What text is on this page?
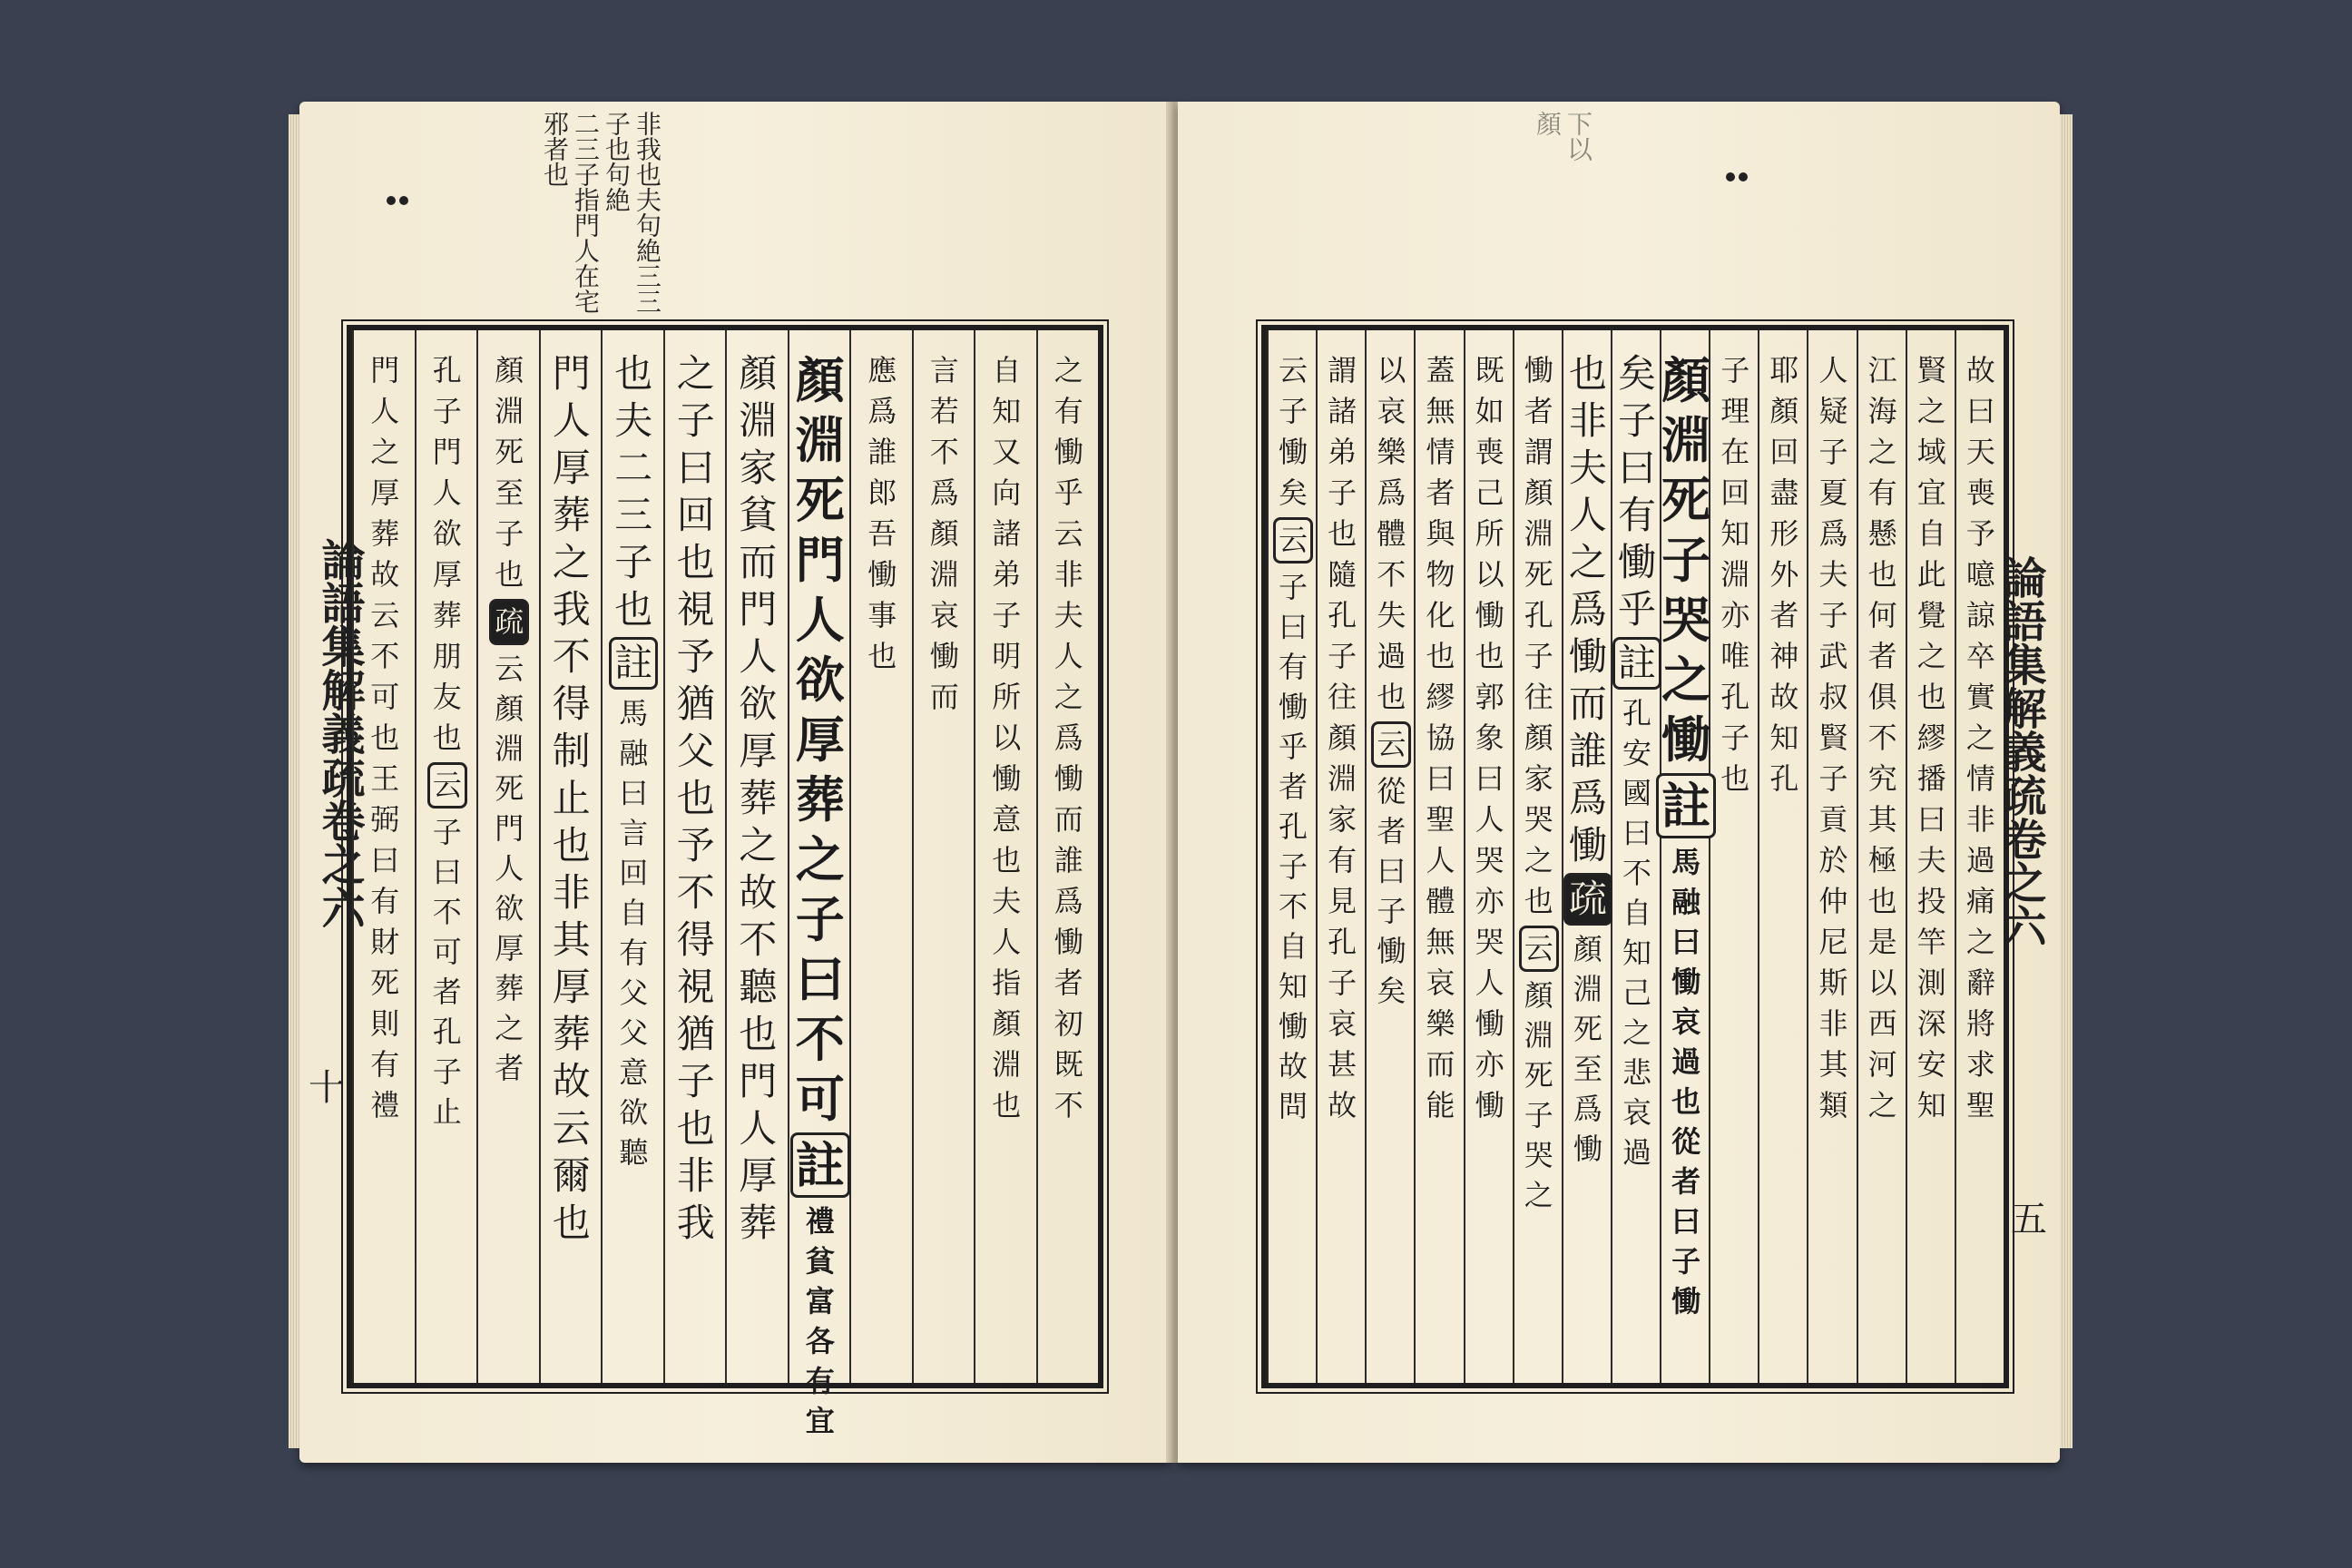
非我也夫句絶三三
子也句絶
二三子指門人在宅
邪者也
論語集解義疏卷之六
十
之
有
慟
乎
云
非
夫
人
之
爲
慟
而
誰
爲
慟
者
初
既
不
自
知
又
向
諸
弟
子
明
所
以
慟
意
也
夫
人
指
顏
淵
也
言
若
不
爲
顏
淵
哀
慟
而
應
爲
誰
郎
吾
慟
事
也
顏
淵
死
門
人
欲
厚
葬
之
子
曰
不
可
註
禮
貧
富
各
有
宜
顏
淵
家
貧
而
門
人
欲
厚
葬
之
故
不
聽
也
門
人
厚
葬
之
子
曰
回
也
視
予
猶
父
也
予
不
得
視
猶
子
也
非
我
也
夫
二
三
子
也
註
馬
融
曰
言
回
自
有
父
父
意
欲
聽
門
人
厚
葬
之
我
不
得
制
止
也
非
其
厚
葬
故
云
爾
也
顏
淵
死
至
子
也
疏
云
顏
淵
死
門
人
欲
厚
葬
之
者
孔
子
門
人
欲
厚
葬
朋
友
也
云
子
曰
不
可
者
孔
子
止
門
人
之
厚
葬
故
云
不
可
也
王
弼
曰
有
財
死
則
有
禮
下以
顏
論語集解義疏卷之六
五
故
曰
天
喪
予
噫
諒
卒
實
之
情
非
過
痛
之
辭
將
求
聖
賢
之
域
宜
自
此
覺
之
也
繆
播
曰
夫
投
竿
測
深
安
知
江
海
之
有
懸
也
何
者
俱
不
究
其
極
也
是
以
西
河
之
人
疑
子
夏
爲
夫
子
武
叔
賢
子
貢
於
仲
尼
斯
非
其
類
耶
顏
回
盡
形
外
者
神
故
知
孔
子
理
在
回
知
淵
亦
唯
孔
子
也
顏
淵
死
子
哭
之
慟
註
馬
融
曰
慟
哀
過
也
從
者
曰
子
慟
矣
子
曰
有
慟
乎
註
孔
安
國
曰
不
自
知
己
之
悲
哀
過
也
非
夫
人
之
爲
慟
而
誰
爲
慟
疏
顏
淵
死
至
爲
慟
慟
者
謂
顏
淵
死
孔
子
往
顏
家
哭
之
也
云
顏
淵
死
子
哭
之
既
如
喪
己
所
以
慟
也
郭
象
曰
人
哭
亦
哭
人
慟
亦
慟
蓋
無
情
者
與
物
化
也
繆
協
曰
聖
人
體
無
哀
樂
而
能
以
哀
樂
爲
體
不
失
過
也
云
從
者
曰
子
慟
矣
謂
諸
弟
子
也
隨
孔
子
往
顏
淵
家
有
見
孔
子
哀
甚
故
云
子
慟
矣
云
子
曰
有
慟
乎
者
孔
子
不
自
知
慟
故
問
